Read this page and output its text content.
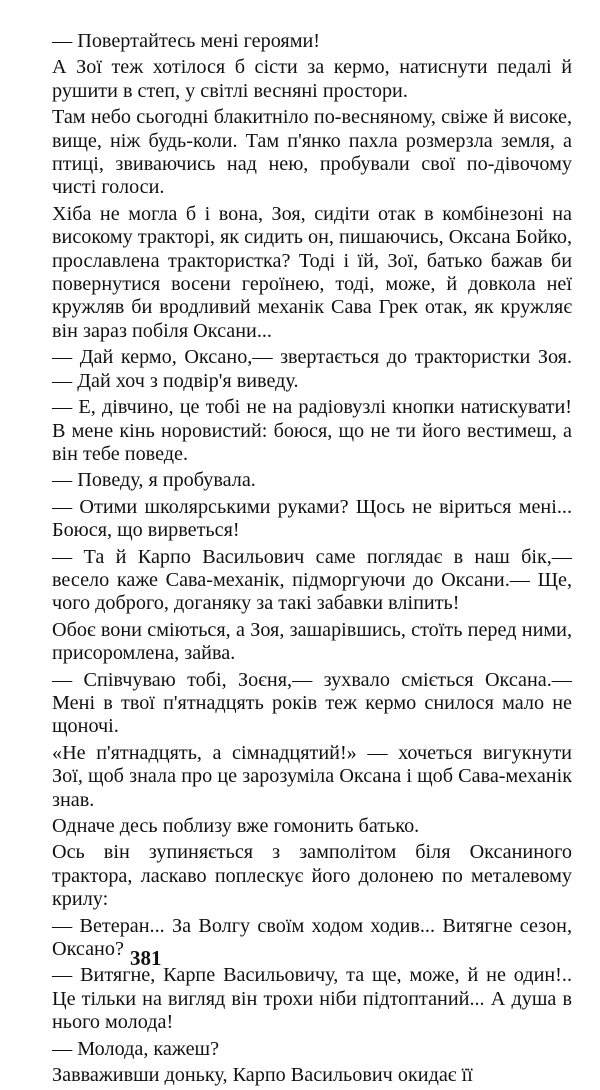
— Повертайтесь мені героями!

А Зої теж хотілося б сісти за кермо, натиснути педалі й рушити в степ, у світлі весняні простори.

Там небо сьогодні блакитніло по-весняному, свіже й високе, вище, ніж будь-коли. Там п'янко пахла розмерзла земля, а птиці, звиваючись над нею, пробували свої по-дівочому чисті голоси.

Хіба не могла б і вона, Зоя, сидіти отак в комбінезоні на високому тракторі, як сидить он, пишаючись, Оксана Бойко, прославлена трактористка? Тоді і їй, Зої, батько бажав би повернутися восени героїнею, тоді, може, й довкола неї кружляв би вродливий механік Сава Грек отак, як кружляє він зараз побіля Оксани...

— Дай кермо, Оксано,— звертається до трактористки Зоя.— Дай хоч з подвір'я виведу.

— Е, дівчино, це тобі не на радіовузлі кнопки натискувати! В мене кінь норовистий: боюся, що не ти його вестимеш, а він тебе поведе.

— Поведу, я пробувала.

— Отими школярськими руками? Щось не віриться мені... Боюся, що вирветься!

— Та й Карпо Васильович саме поглядає в наш бік,— весело каже Сава-механік, підморгуючи до Оксани.— Ще, чого доброго, доганяку за такі забавки вліпить!

Обоє вони сміються, а Зоя, зашарівшись, стоїть перед ними, присоромлена, зайва.

— Співчуваю тобі, Зоєня,— зухвало сміється Оксана.— Мені в твої п'ятнадцять років теж кермо снилося мало не щоночі.

«Не п'ятнадцять, а сімнадцятий!» — хочеться вигукнути Зої, щоб знала про це зарозуміла Оксана і щоб Сава-механік знав.

Одначе десь поблизу вже гомонить батько.

Ось він зупиняється з замполітом біля Оксаниного трактора, ласкаво поплескує його долонею по металевому крилу:

— Ветеран... За Волгу своїм ходом ходив... Витягне сезон, Оксано?

— Витягне, Карпе Васильовичу, та ще, може, й не один!.. Це тільки на вигляд він трохи ніби підтоптаний... А душа в нього молода!

— Молода, кажеш?

Завваживши доньку, Карпо Васильович окидає її

381
